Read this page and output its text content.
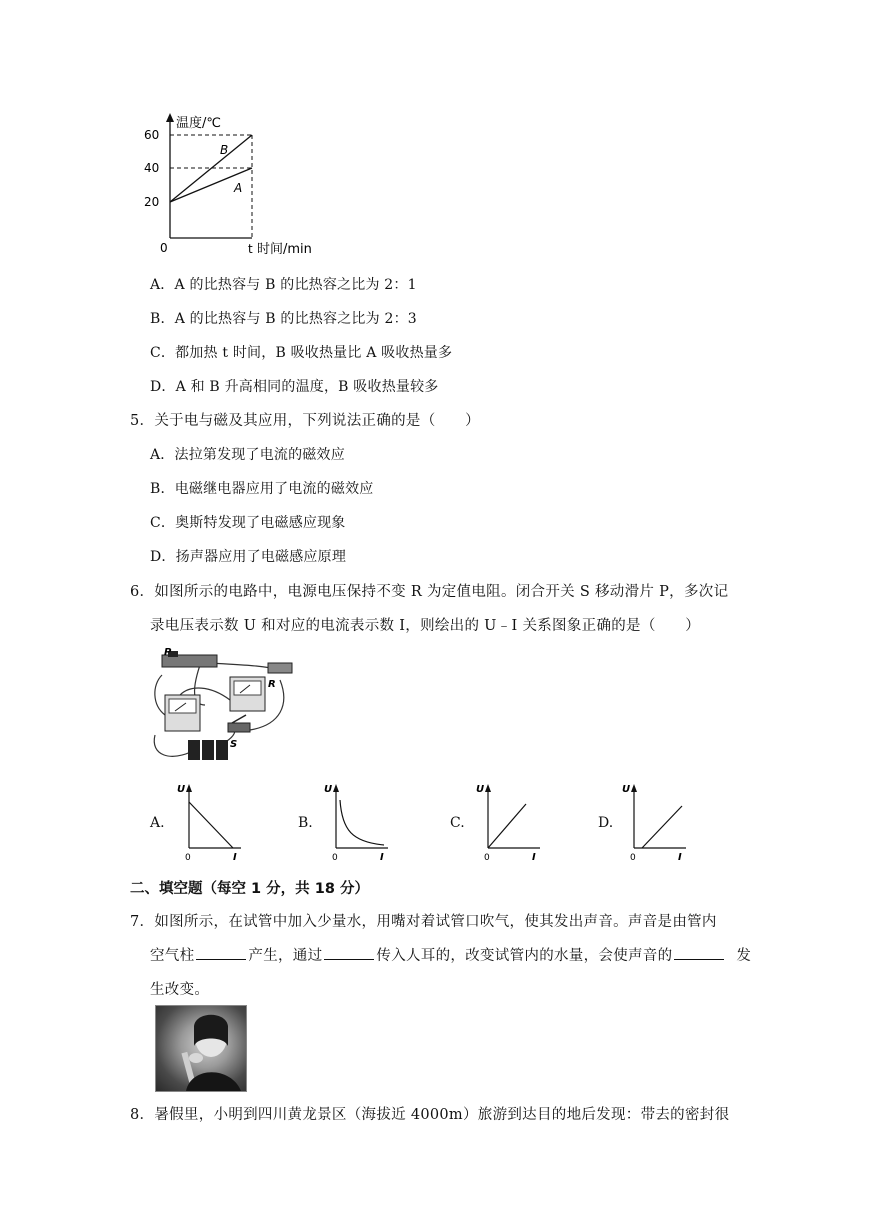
温度/℃
60
40
20
0	t 时间/min
B
A
A．A 的比热容与 B 的比热容之比为 2：1
B．A 的比热容与 B 的比热容之比为 2：3
C．都加热 t 时间，B 吸收热量比 A 吸收热量多
D．A 和 B 升高相同的温度，B 吸收热量较多
5．关于电与磁及其应用，下列说法正确的是（　　）
A．法拉第发现了电流的磁效应
B．电磁继电器应用了电流的磁效应
C．奥斯特发现了电磁感应现象
D．扬声器应用了电磁感应原理
6．如图所示的电路中，电源电压保持不变 R 为定值电阻。闭合开关 S 移动滑片 P，多次记
录电压表示数 U 和对应的电流表示数 I，则绘出的 U﹣I 关系图象正确的是（　　）
P
R
S
A.	B.	C.	D.
U
0	I
U
0	I
U
0	I
U
0	I
二、填空题（每空 1 分，共 18 分）
7．如图所示，在试管中加入少量水，用嘴对着试管口吹气，使其发出声音。声音是由管内
空气柱	产生，通过	传入人耳的，改变试管内的水量，会使声音的	发
生改变。
8．暑假里，小明到四川黄龙景区（海拔近 4000m）旅游到达目的地后发现：带去的密封很
